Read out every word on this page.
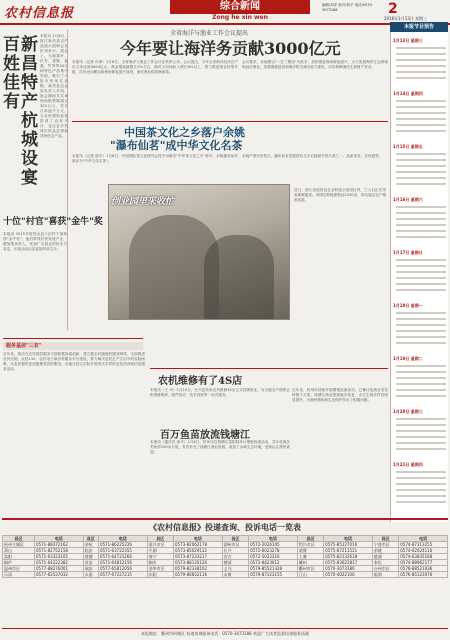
农村信息报	综合新闻
Zong he xin wen
编辑/刘洋 校对/何平 电话/0570-3073186	2
2016年1月13日 星期三
百姓佳有
新昌特产杭城设宴
本报讯 1月8日，浙江新昌县农产品展示展销会在杭州举行。展会上，当地茶叶、红枣、香榧、板栗、竹笋等40余种特色产品集中亮相，吸引了大批市民前往选购。新昌县农业局负责人介绍，展会期间共实现现场销售额超过300万元，签订订单逾千万元，为农民增收致富搭建了良好平台，也让更多杭城市民品尝到新昌特色农产品。
十位"村官"喜获"金牛"奖
本报讯 2015年度常山县十位村干部获得"金牛奖"，他们带领村民发展产业，增加集体收入，受到广大群众的好评与肯定，评选活动由县委组织部主办。
服务基层"三农"
近年来，我市在农村基层服务方面积极探索创新，建立健全村级便民服务网络，全面推进农民信箱、农技110、农村电子商务等服务平台建设，着力解决农民生产生活中的实际困难，为农民提供更加便捷高效的服务，各地还结合实际开展形式多样的农技培训和信息服务活动。
全省海洋与渔业工作会议提出
今年要让海洋务贡献3000亿元
本报讯（记者 叶翠）1月8日，全省海洋与渔业工作会议在杭州召开。会议提出，今年全省海洋经济总产出力争达到3000亿元，渔业增加值增长3%左右，渔民人均纯收入增长8%以上，着力推进渔业转型升级，打好治水剿劣和渔场修复振兴战役，深化渔业供给侧改革。
会议要求，各地要以"一打三整治"为抓手，加快推进渔场修复振兴，大力发展海洋生态养殖和远洋渔业，加强渔港建设和海洋防灾减灾能力建设，切实保障渔民生命财产安全。
中国茶文化之乡落户余姚
"瀑布仙茗"成中华文化名茶
本报讯（记者 俞平）1月8日，中国国际茶文化研究会授予余姚市"中华茶文化之乡"称号，余姚瀑布仙茗被评为"中华文化名茶"。
余姚产茶历史悠久，瀑布仙茗是我国有文字记载最早的名茶之一，品质优异，享有盛誉。
创业园里采收忙
近日，浙江省遂昌县农业科技示范园区内，工人们正在采收新鲜蔬菜。该园区种植面积达1200亩，带动周边农户增收致富。
农机维修有了4S店
本报讯（王 可）1月10日，长兴县首家农机维修4S店正式挂牌营业，为当地农户提供农机维修保养、配件供应、技术咨询等一站式服务。
百万鱼苗放流钱塘江
本报讯（通讯员 徐平）1月8日，杭州市在钱塘江富阳段举行增殖放流活动，共计放流各类鱼苗100余万尾，有效补充了钱塘江渔业资源，改善了水域生态环境，受到沿江渔民欢迎。
近年来，杭州市持续开展增殖放流活动，已累计放流各类苗种数千万尾，钱塘江渔业资源逐步恢复，水生生物多样性明显提升，为渔民增收和生态保护作出了积极贡献。
本报节目预告
1月13日 星期三
1月14日 星期四
1月15日 星期五
1月16日 星期六
1月17日 星期日
1月18日 星期一
1月19日 星期二
1月20日 星期三
1月21日 星期四
《农村信息报》投递查询、投诉电话一览表
县区	电话	县区	电话	县区	电话	县区	电话	县区	电话	县区	电话
杭州主城区	0571-88372162	余杭	0571-86225226	嘉兴市区	0573-82062178	湖州市区	0572-2026105	绍兴市区	0575-85127016	宁波市区	0574-87313255
萧山	0571-82752158	临安	0571-63722355	平湖	0573-85029132	长兴	0572-6023278	诸暨	0575-87211521	余姚	0574-62624116
富阳	0571-63323105	建德	0571-64721266	海宁	0573-87233217	安吉	0572-5022316	上虞	0575-82132618	慈溪	0574-63835168
桐庐	0571-64222382	淳安	0571-64812156	桐乡	0573-88135126	德清	0572-8423012	嵊州	0575-83022817	奉化	0574-88962177
温州市区	0577-88276001	瑞安	0577-65812056	金华市区	0579-82338102	义乌	0579-85521328	衢州市区	0570-3073186	台州市区	0576-88521036
乐清	0577-62537032	永嘉	0577-67227215	东阳	0579-86652116	永康	0579-87123155	江山	0570-4022106	临海	0576-85123076
本报地址：衢州市柯城区 投递查询服务电话：0570-3073186 欢迎广大读者监督投递服务质量
